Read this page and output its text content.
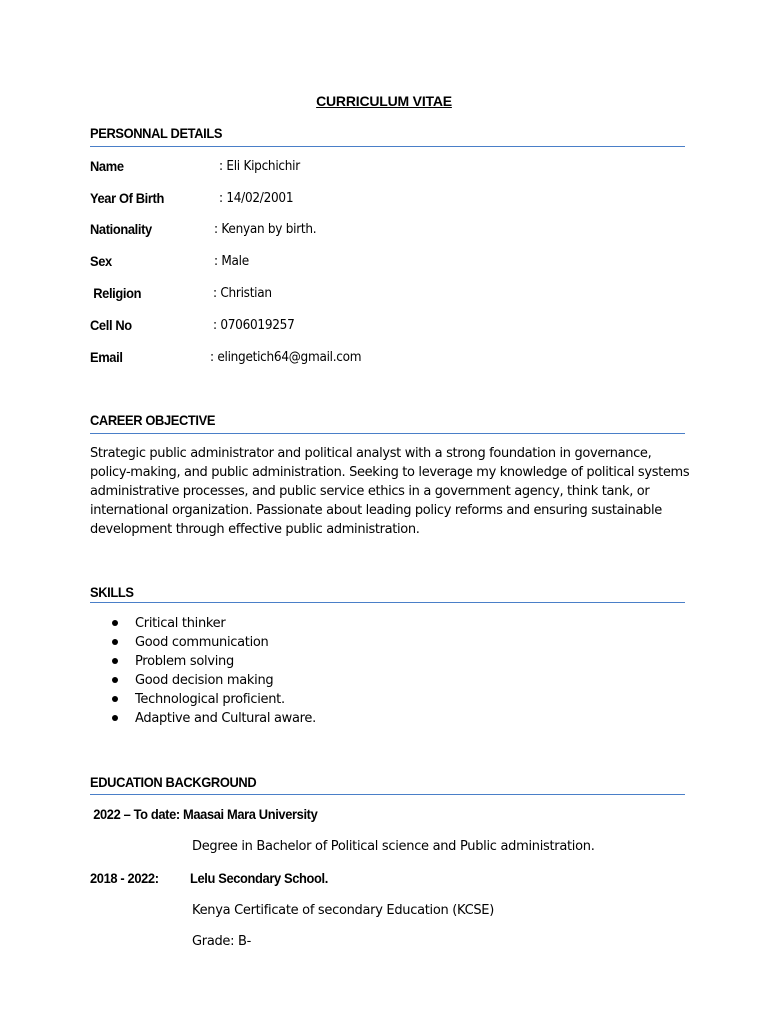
CURRICULUM VITAE
PERSONNAL DETAILS
Name	: Eli Kipchichir
Year Of Birth	: 14/02/2001
Nationality	: Kenyan by birth.
Sex	: Male
Religion	: Christian
Cell No	: 0706019257
Email	: elingetich64@gmail.com
CAREER OBJECTIVE
Strategic public administrator and political analyst with a strong foundation in governance, policy-making, and public administration. Seeking to leverage my knowledge of political systems administrative processes, and public service ethics in a government agency, think tank, or international organization. Passionate about leading policy reforms and ensuring sustainable development through effective public administration.
SKILLS
Critical thinker
Good communication
Problem solving
Good decision making
Technological proficient.
Adaptive and Cultural aware.
EDUCATION BACKGROUND
2022 – To date: Maasai Mara University
Degree in Bachelor of Political science and Public administration.
2018 - 2022: Lelu Secondary School.
Kenya Certificate of secondary Education (KCSE)
Grade: B-
